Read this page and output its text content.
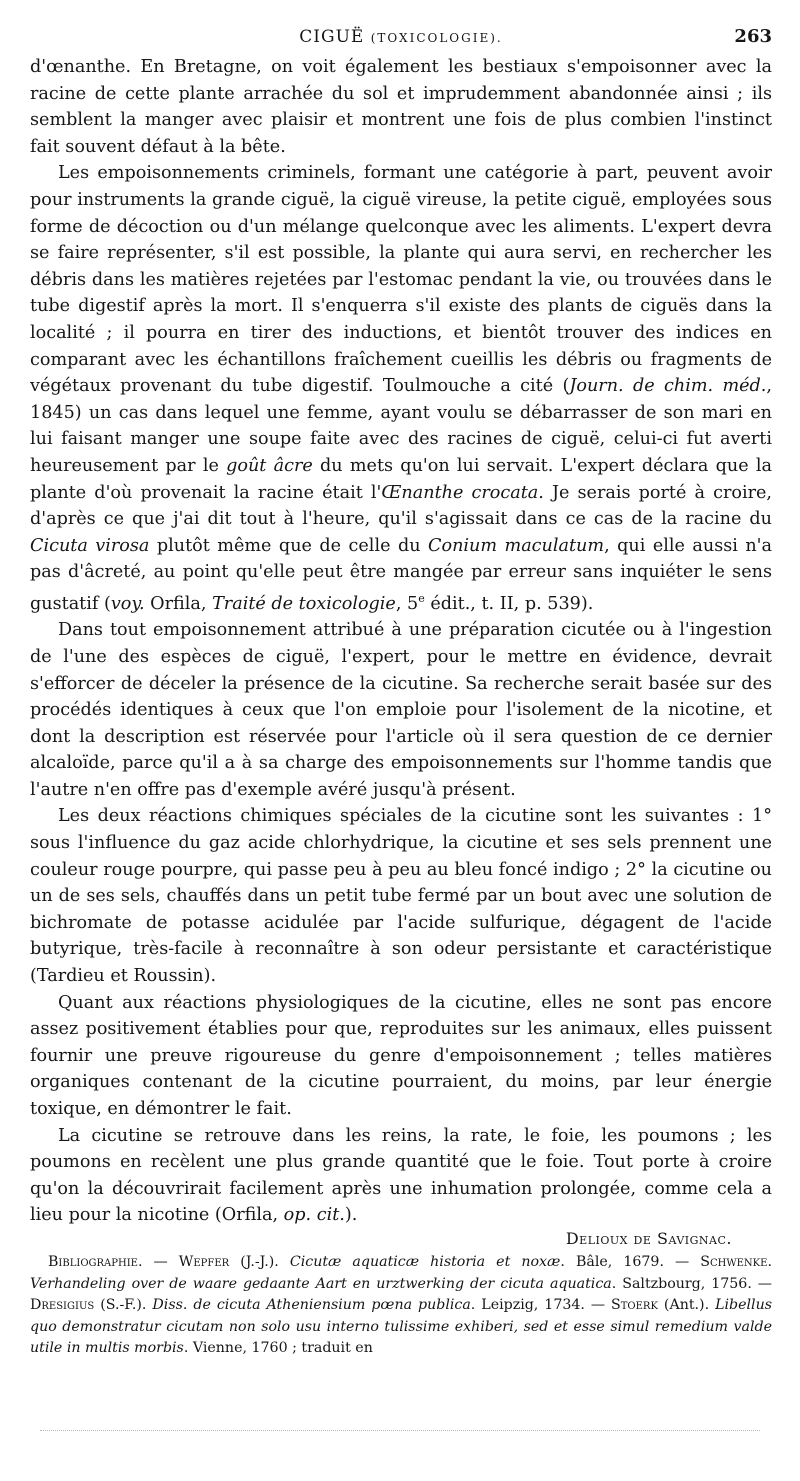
CIGUË (TOXICOLOGIE).	263

d'œnanthe. En Bretagne, on voit également les bestiaux s'empoisonner avec la racine de cette plante arrachée du sol et imprudemment abandonnée ainsi ; ils semblent la manger avec plaisir et montrent une fois de plus combien l'instinct fait souvent défaut à la bête.

Les empoisonnements criminels, formant une catégorie à part, peuvent avoir pour instruments la grande ciguë, la ciguë vireuse, la petite ciguë, employées sous forme de décoction ou d'un mélange quelconque avec les aliments. L'expert devra se faire représenter, s'il est possible, la plante qui aura servi, en rechercher les débris dans les matières rejetées par l'estomac pendant la vie, ou trouvées dans le tube digestif après la mort. Il s'enquerra s'il existe des plants de ciguës dans la localité ; il pourra en tirer des inductions, et bientôt trouver des indices en comparant avec les échantillons fraîchement cueillis les débris ou fragments de végétaux provenant du tube digestif. Toulmouche a cité (Journ. de chim. méd., 1845) un cas dans lequel une femme, ayant voulu se débarrasser de son mari en lui faisant manger une soupe faite avec des racines de ciguë, celui-ci fut averti heureusement par le goût âcre du mets qu'on lui servait. L'expert déclara que la plante d'où provenait la racine était l'Œnanthe crocata. Je serais porté à croire, d'après ce que j'ai dit tout à l'heure, qu'il s'agissait dans ce cas de la racine du Cicuta virosa plutôt même que de celle du Conium maculatum, qui elle aussi n'a pas d'âcreté, au point qu'elle peut être mangée par erreur sans inquiéter le sens gustatif (voy. Orfila, Traité de toxicologie, 5e édit., t. II, p. 539).

Dans tout empoisonnement attribué à une préparation cicutée ou à l'ingestion de l'une des espèces de ciguë, l'expert, pour le mettre en évidence, devrait s'efforcer de déceler la présence de la cicutine. Sa recherche serait basée sur des procédés identiques à ceux que l'on emploie pour l'isolement de la nicotine, et dont la description est réservée pour l'article où il sera question de ce dernier alcaloïde, parce qu'il a à sa charge des empoisonnements sur l'homme tandis que l'autre n'en offre pas d'exemple avéré jusqu'à présent.

Les deux réactions chimiques spéciales de la cicutine sont les suivantes : 1° sous l'influence du gaz acide chlorhydrique, la cicutine et ses sels prennent une couleur rouge pourpre, qui passe peu à peu au bleu foncé indigo ; 2° la cicutine ou un de ses sels, chauffés dans un petit tube fermé par un bout avec une solution de bichromate de potasse acidulée par l'acide sulfurique, dégagent de l'acide butyrique, très-facile à reconnaître à son odeur persistante et caractéristique (Tardieu et Roussin).

Quant aux réactions physiologiques de la cicutine, elles ne sont pas encore assez positivement établies pour que, reproduites sur les animaux, elles puissent fournir une preuve rigoureuse du genre d'empoisonnement ; telles matières organiques contenant de la cicutine pourraient, du moins, par leur énergie toxique, en démontrer le fait.

La cicutine se retrouve dans les reins, la rate, le foie, les poumons ; les poumons en recèlent une plus grande quantité que le foie. Tout porte à croire qu'on la découvrirait facilement après une inhumation prolongée, comme cela a lieu pour la nicotine (Orfila, op. cit.).

Delioux de Savignac.
Bibliographie. — Wepfer (J.-J.). Cicutæ aquaticæ historia et noxæ. Bâle, 1679. — Schwenke. Verhandeling over de waare gedaante Aart en urztwerking der cicuta aquatica. Saltzbourg, 1756. — Dresigius (S.-F.). Diss. de cicuta Atheniensium pœna publica. Leipzig, 1734. — Stoerk (Ant.). Libellus quo demonstratur cicutam non solo usu interno tulissime exhiberi, sed et esse simul remedium valde utile in multis morbis. Vienne, 1760 ; traduit en
